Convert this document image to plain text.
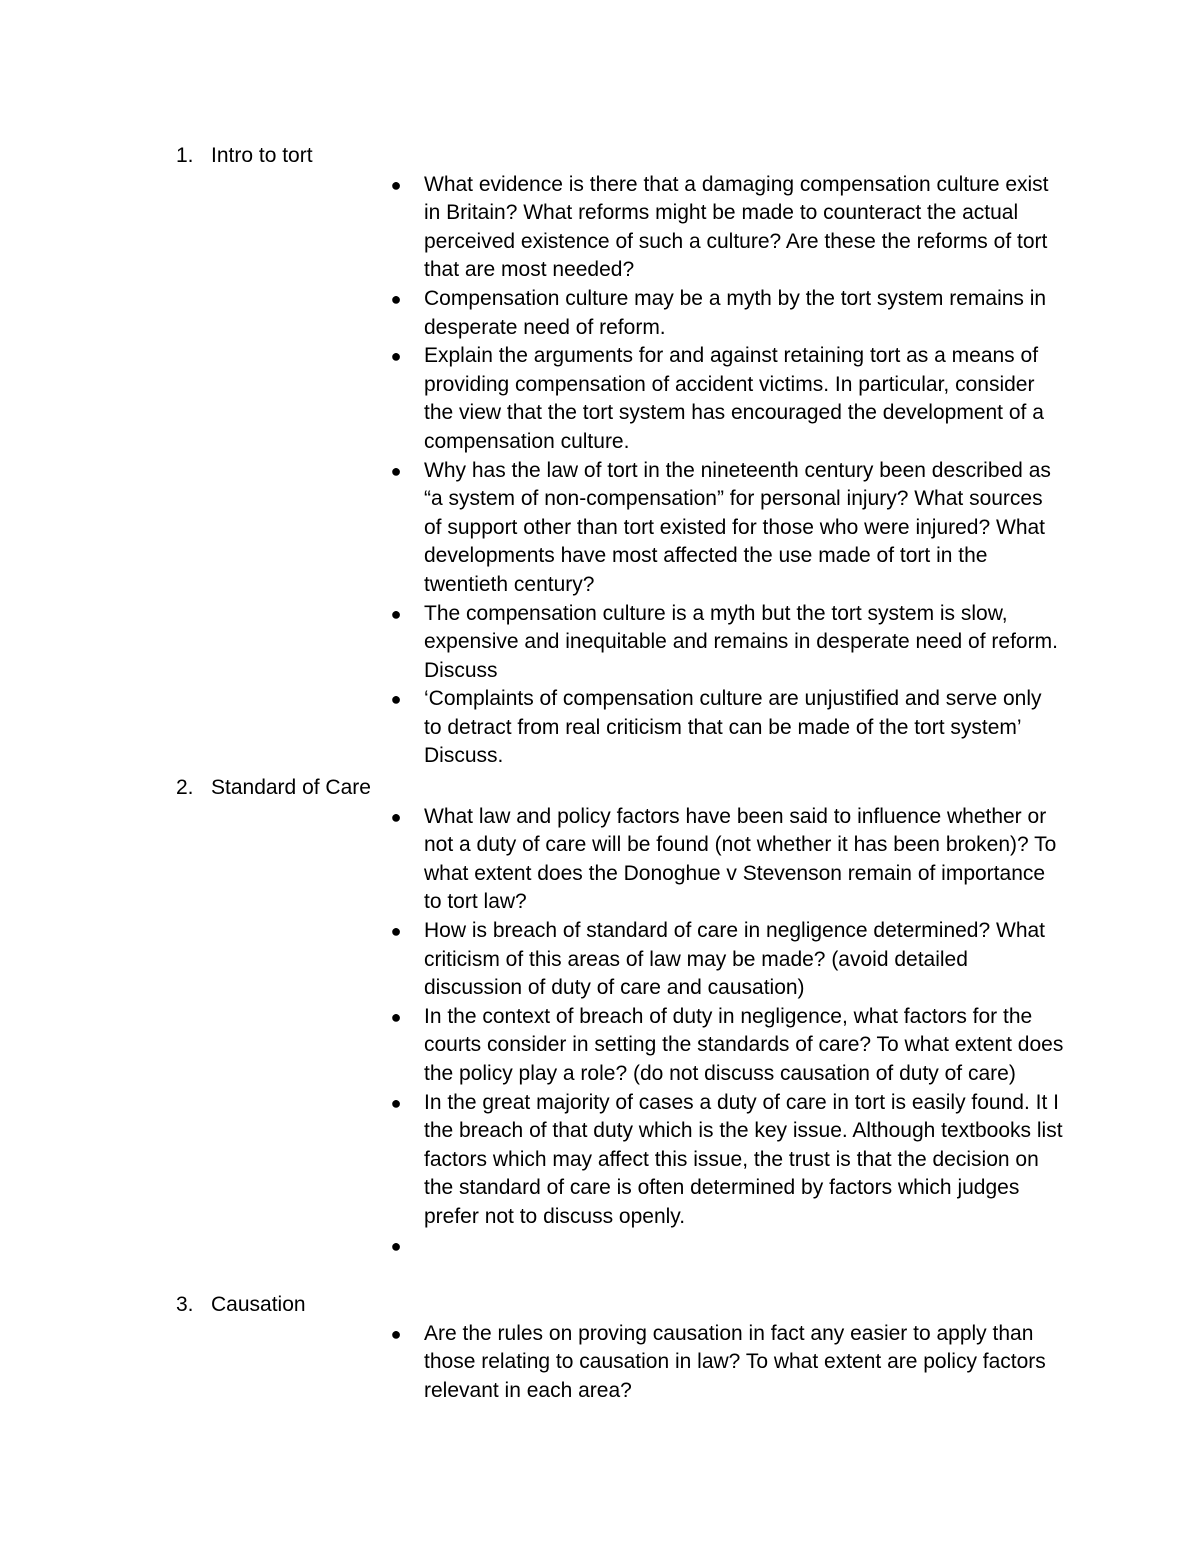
1. Intro to tort
● What evidence is there that a damaging compensation culture exist in Britain? What reforms might be made to counteract the actual perceived existence of such a culture? Are these the reforms of tort that are most needed?
● Compensation culture may be a myth by the tort system remains in desperate need of reform.
● Explain the arguments for and against retaining tort as a means of providing compensation of accident victims. In particular, consider the view that the tort system has encouraged the development of a compensation culture.
● Why has the law of tort in the nineteenth century been described as “a system of non-compensation” for personal injury? What sources of support other than tort existed for those who were injured? What developments have most affected the use made of tort in the twentieth century?
● The compensation culture is a myth but the tort system is slow, expensive and inequitable and remains in desperate need of reform. Discuss
● ‘Complaints of compensation culture are unjustified and serve only to detract from real criticism that can be made of the tort system’ Discuss.
2. Standard of Care
● What law and policy factors have been said to influence whether or not a duty of care will be found (not whether it has been broken)? To what extent does the Donoghue v Stevenson remain of importance to tort law?
● How is breach of standard of care in negligence determined? What criticism of this areas of law may be made? (avoid detailed discussion of duty of care and causation)
● In the context of breach of duty in negligence, what factors for the courts consider in setting the standards of care? To what extent does the policy play a role? (do not discuss causation of duty of care)
● In the great majority of cases a duty of care in tort is easily found. It I the breach of that duty which is the key issue. Although textbooks list factors which may affect this issue, the trust is that the decision on the standard of care is often determined by factors which judges prefer not to discuss openly.
●
3. Causation
● Are the rules on proving causation in fact any easier to apply than those relating to causation in law? To what extent are policy factors relevant in each area?
